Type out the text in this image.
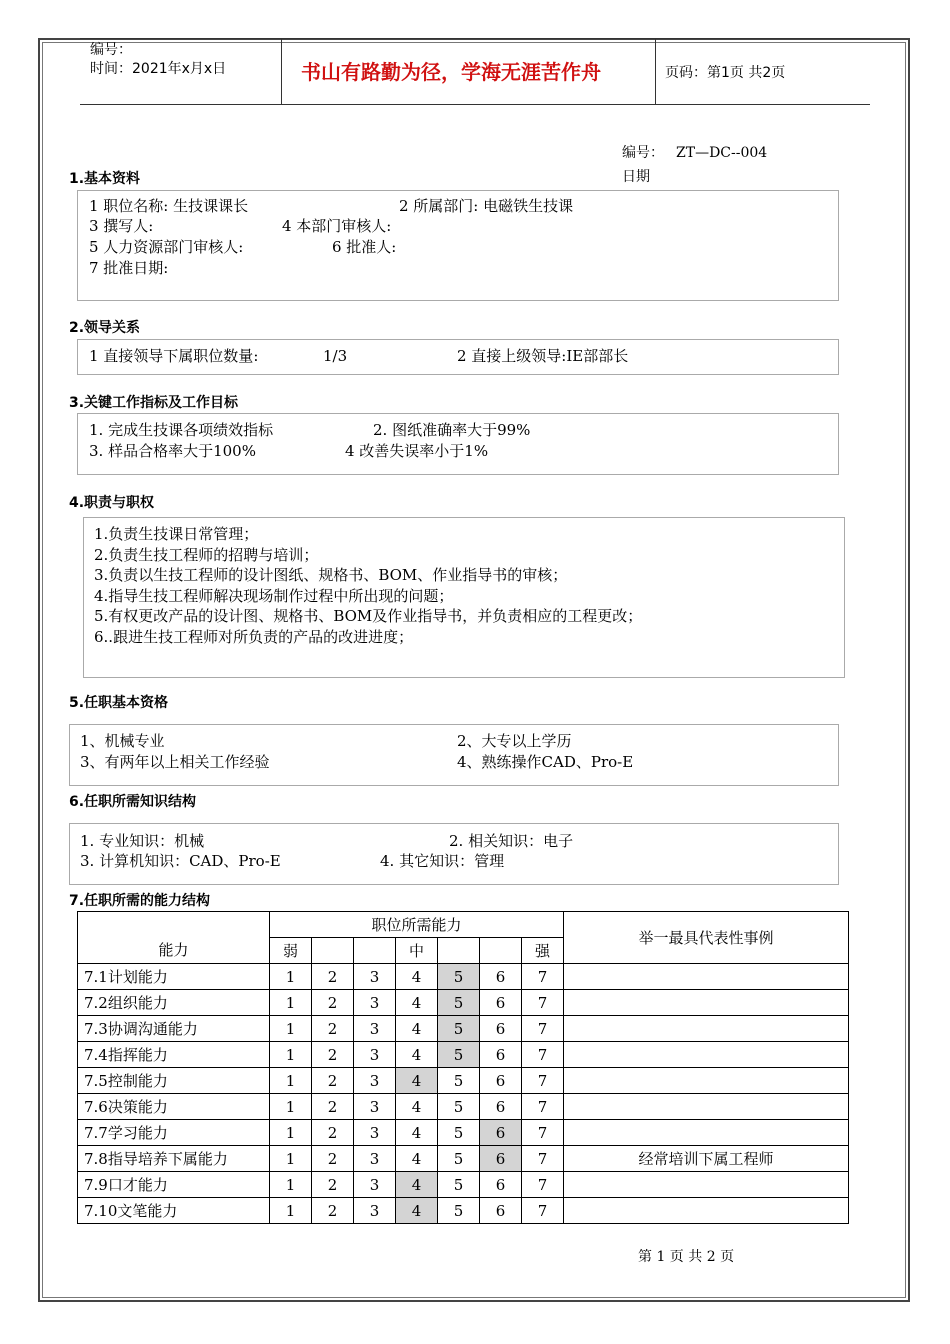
编号：
时间：2021年x月x日	书山有路勤为径，学海无涯苦作舟	页码：第1页 共2页
编号： ZT—DC--004
日期
1.基本资料
1 职位名称: 生技课课长	2 所属部门: 电磁铁生技课
3 撰写人:	4 本部门审核人:
5 人力资源部门审核人:	6 批准人:
7 批准日期:
2.领导关系
1 直接领导下属职位数量:	1/3	2 直接上级领导:IE部部长
3.关键工作指标及工作目标
1. 完成生技课各项绩效指标	2. 图纸准确率大于99%
3. 样品合格率大于100%	4 改善失误率小于1%
4.职责与职权
1.负责生技课日常管理；
2.负责生技工程师的招聘与培训；
3.负责以生技工程师的设计图纸、规格书、BOM、作业指导书的审核；
4.指导生技工程师解决现场制作过程中所出现的问题；
5.有权更改产品的设计图、规格书、BOM及作业指导书，并负责相应的工程更改；
6..跟进生技工程师对所负责的产品的改进进度；
5.任职基本资格
1、机械专业	2、大专以上学历
3、有两年以上相关工作经验	4、熟练操作CAD、Pro-E
6.任职所需知识结构
1. 专业知识：机械	2. 相关知识：电子
3. 计算机知识：CAD、Pro-E	4. 其它知识：管理
7.任职所需的能力结构
能力	职位所需能力							举一最具代表性事例
	弱			中			强	
7.1计划能力	1	2	3	4	5	6	7	
7.2组织能力	1	2	3	4	5	6	7	
7.3协调沟通能力	1	2	3	4	5	6	7	
7.4指挥能力	1	2	3	4	5	6	7	
7.5控制能力	1	2	3	4	5	6	7	
7.6决策能力	1	2	3	4	5	6	7	
7.7学习能力	1	2	3	4	5	6	7	
7.8指导培养下属能力	1	2	3	4	5	6	7	经常培训下属工程师
7.9口才能力	1	2	3	4	5	6	7	
7.10文笔能力	1	2	3	4	5	6	7	
第 1 页 共 2 页
